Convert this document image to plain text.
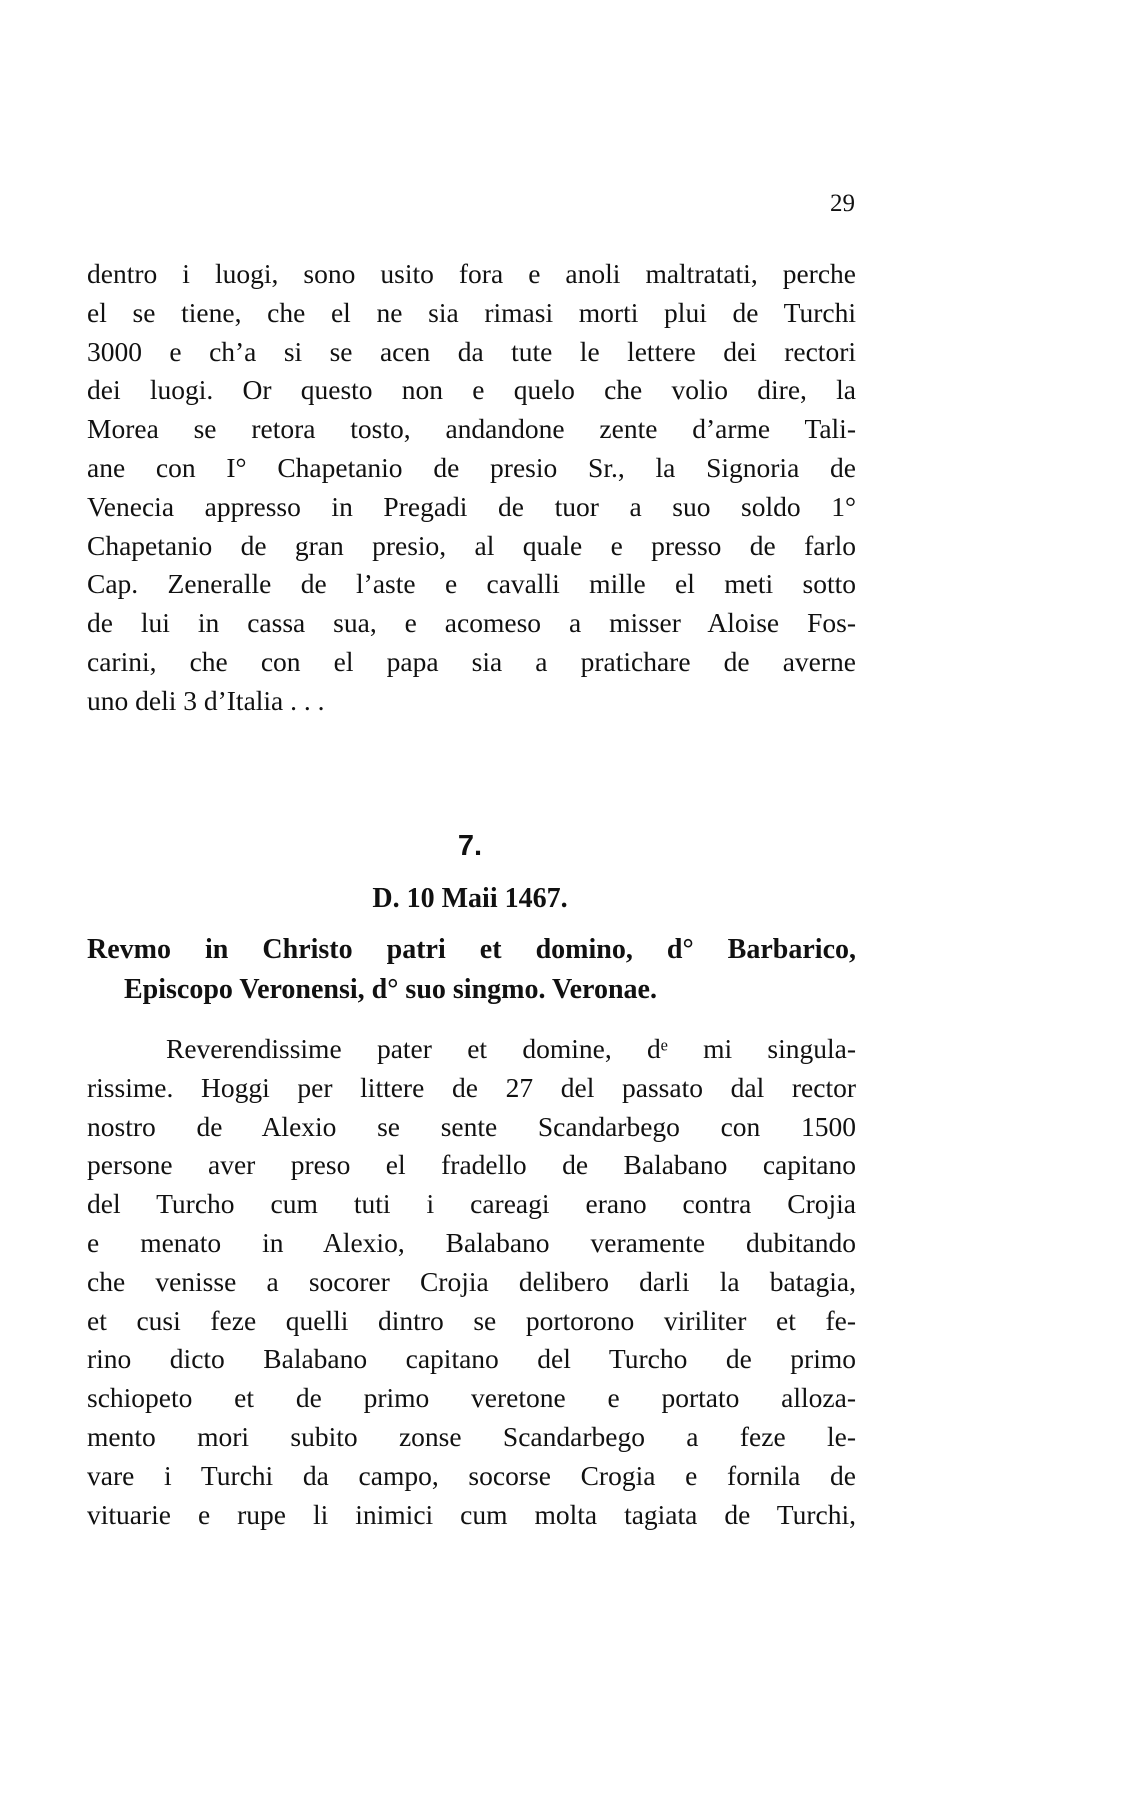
29
dentro i luogi, sono usito fora e anoli maltratati, perche
el se tiene, che el ne sia rimasi morti plui de Turchi
3000 e ch’a si se acen da tute le lettere dei rectori
dei luogi. Or questo non e quelo che volio dire, la
Morea se retora tosto, andandone zente d’arme Tali-
ane con I° Chapetanio de presio Sr., la Signoria de
Venecia appresso in Pregadi de tuor a suo soldo 1°
Chapetanio de gran presio, al quale e presso de farlo
Cap. Zeneralle de l’aste e cavalli mille el meti sotto
de lui in cassa sua, e acomeso a misser Aloise Fos-
carini, che con el papa sia a pratichare de averne
uno deli 3 d’Italia . . .
7.
D. 10 Maii 1467.
Revmo in Christo patri et domino, d° Barbarico,
Episcopo Veronensi, d° suo singmo. Veronae.
Reverendissime pater et domine, dᵉ mi singula-
rissime. Hoggi per littere de 27 del passato dal rector
nostro de Alexio se sente Scandarbego con 1500
persone aver preso el fradello de Balabano capitano
del Turcho cum tuti i careagi erano contra Crojia
e menato in Alexio, Balabano veramente dubitando
che venisse a socorer Crojia delibero darli la batagia,
et cusi feze quelli dintro se portorono viriliter et fe-
rino dicto Balabano capitano del Turcho de primo
schiopeto et de primo veretone e portato allozа-
mento mori subito zonse Scandarbego a feze le-
vare i Turchi da campo, socorse Crogia e fornila de
vituarie e rupe li inimici cum molta tagiata de Turchi,
